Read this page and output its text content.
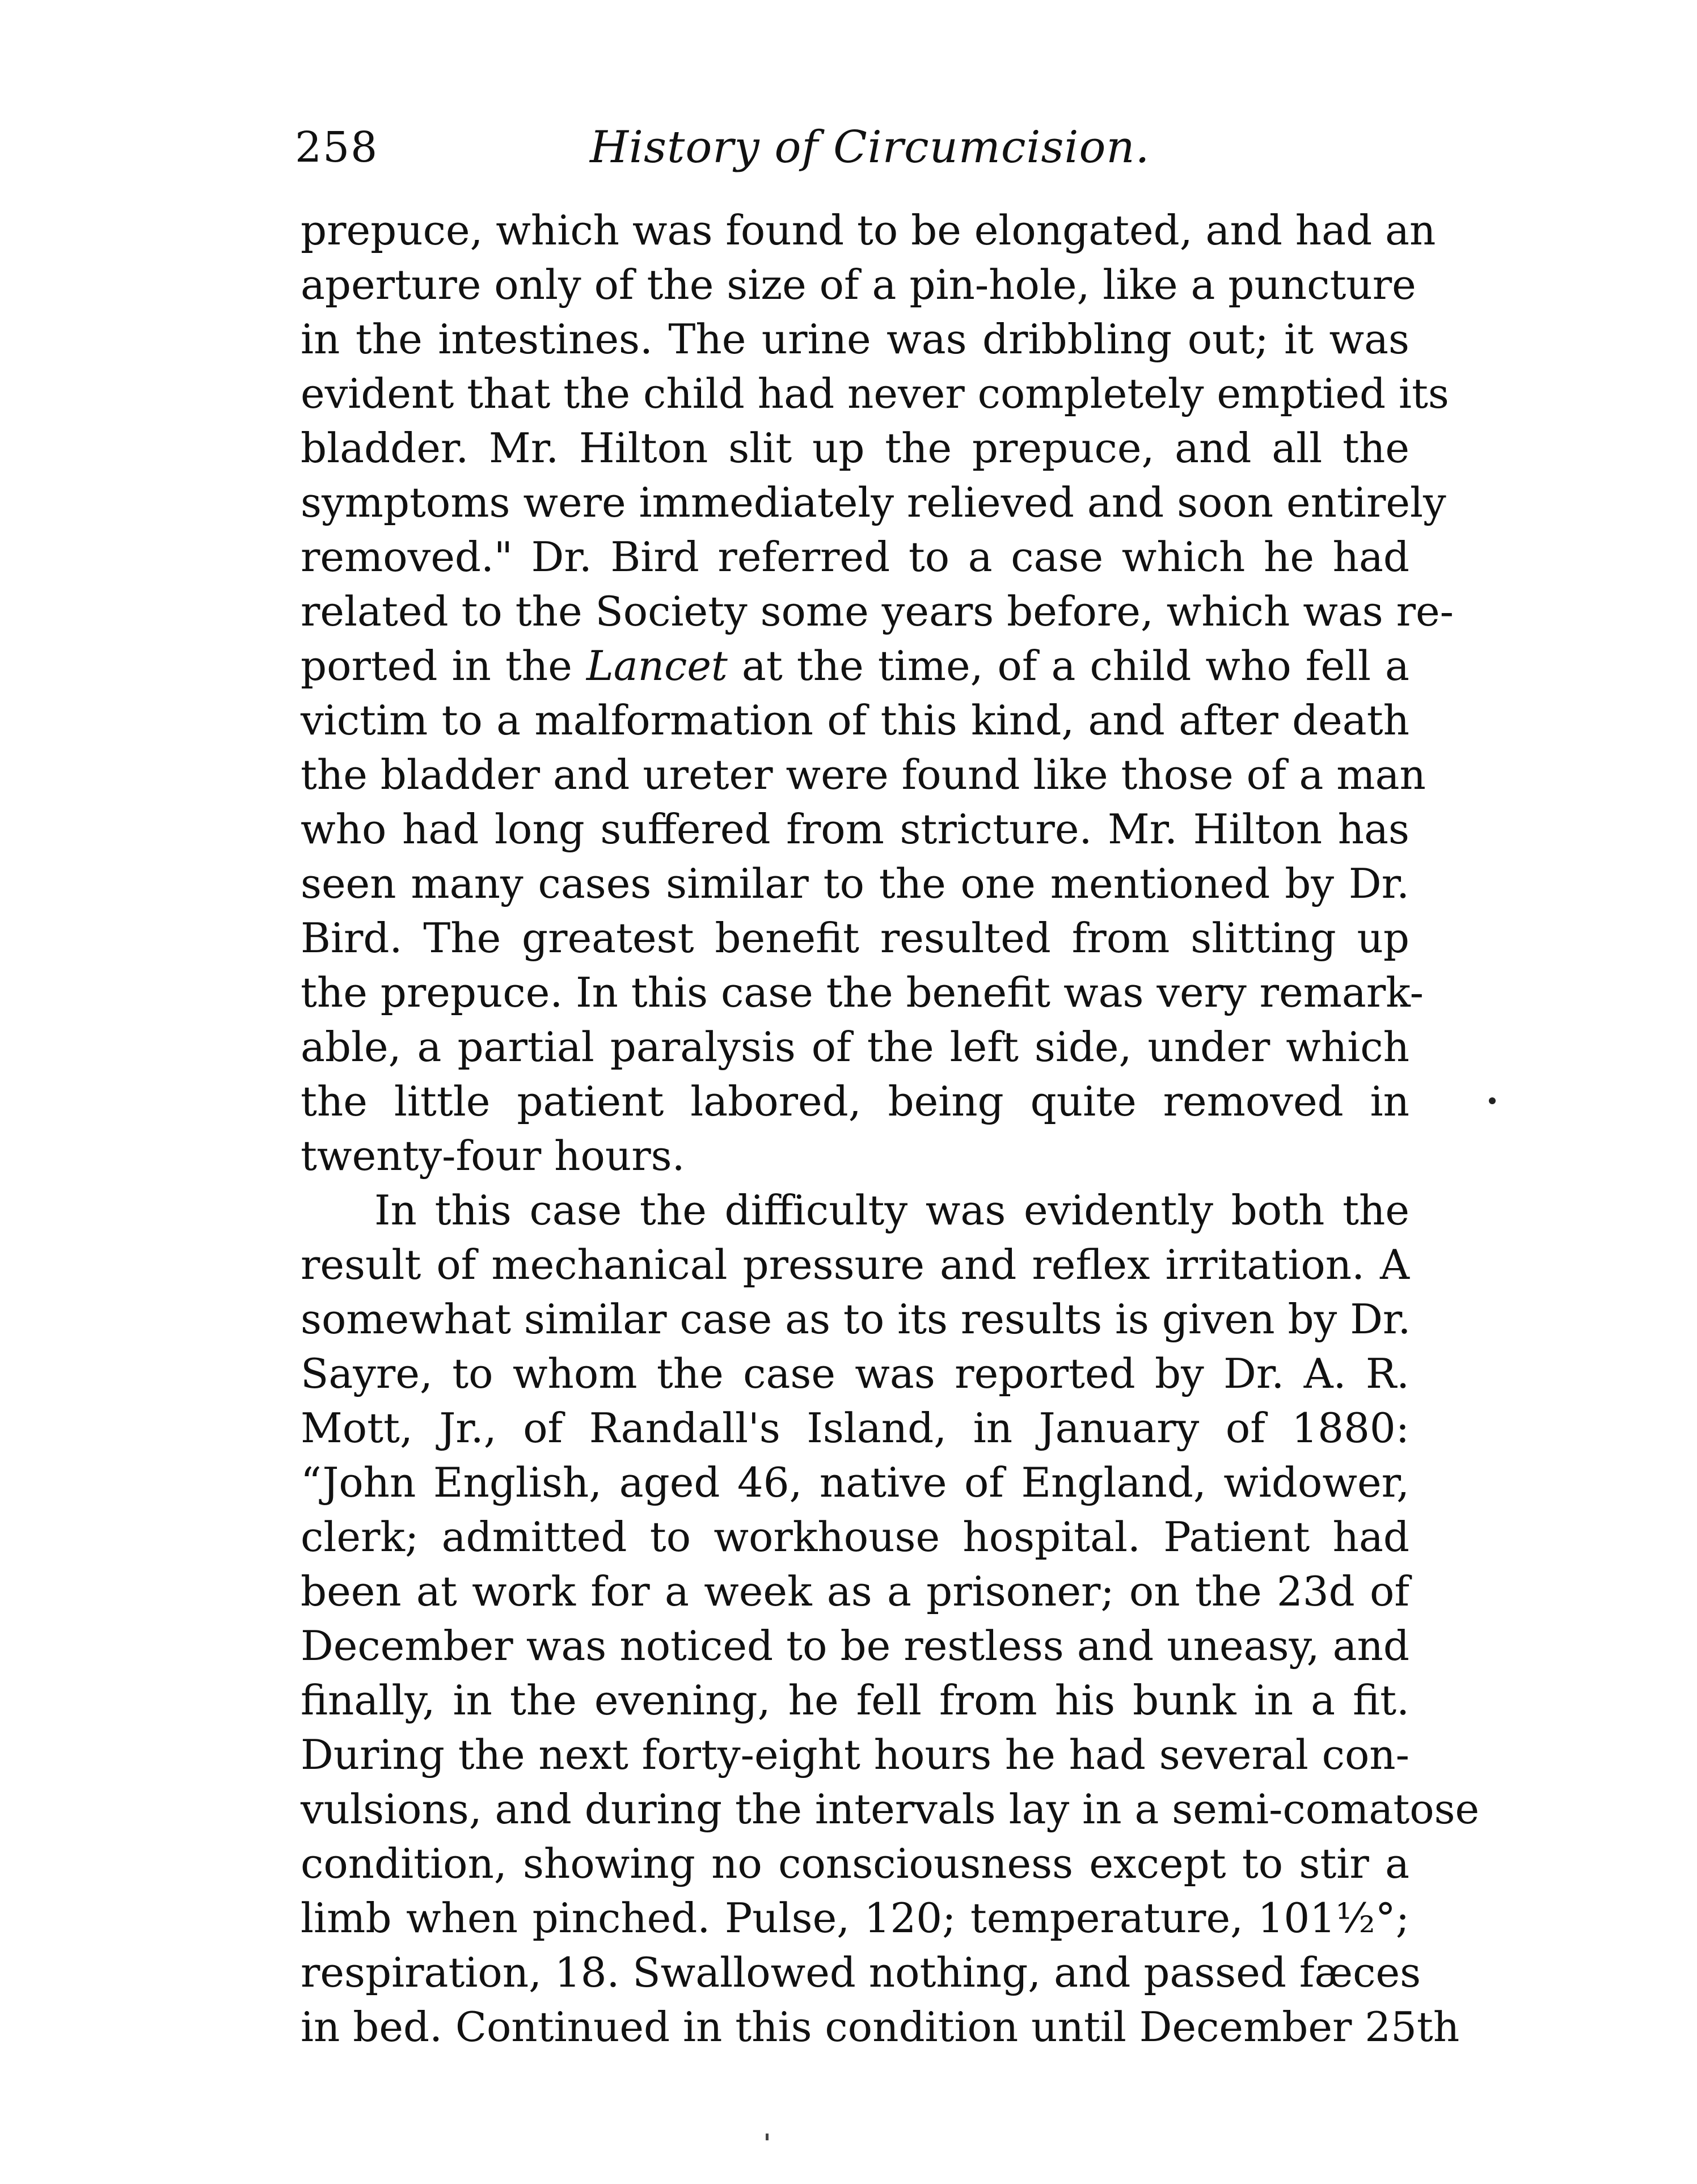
258	History of Circumcision.
prepuce, which was found to be elongated, and had an
aperture only of the size of a pin-hole, like a puncture
in the intestines. The urine was dribbling out; it was
evident that the child had never completely emptied its
bladder. Mr. Hilton slit up the prepuce, and all the
symptoms were immediately relieved and soon entirely
removed." Dr. Bird referred to a case which he had
related to the Society some years before, which was re-
ported in the Lancet at the time, of a child who fell a
victim to a malformation of this kind, and after death
the bladder and ureter were found like those of a man
who had long suffered from stricture. Mr. Hilton has
seen many cases similar to the one mentioned by Dr.
Bird. The greatest benefit resulted from slitting up
the prepuce. In this case the benefit was very remark-
able, a partial paralysis of the left side, under which
the little patient labored, being quite removed in
twenty-four hours.
In this case the difficulty was evidently both the
result of mechanical pressure and reflex irritation. A
somewhat similar case as to its results is given by Dr.
Sayre, to whom the case was reported by Dr. A. R.
Mott, Jr., of Randall's Island, in January of 1880:
“John English, aged 46, native of England, widower,
clerk; admitted to workhouse hospital. Patient had
been at work for a week as a prisoner; on the 23d of
December was noticed to be restless and uneasy, and
finally, in the evening, he fell from his bunk in a fit.
During the next forty-eight hours he had several con-
vulsions, and during the intervals lay in a semi-comatose
condition, showing no consciousness except to stir a
limb when pinched. Pulse, 120; temperature, 101½°;
respiration, 18. Swallowed nothing, and passed fæces
in bed. Continued in this condition until December 25th
